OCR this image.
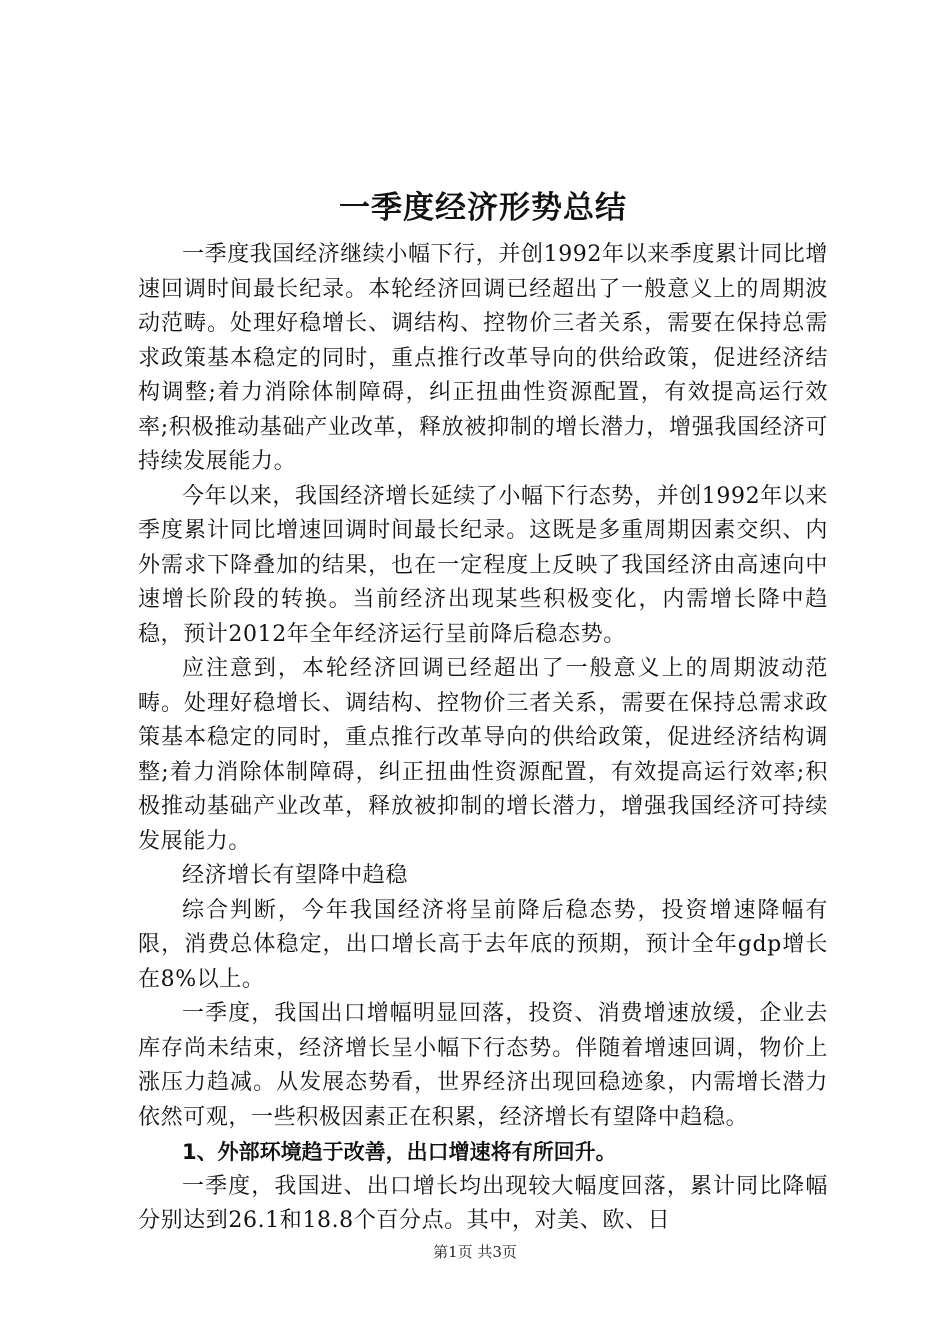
一季度经济形势总结

一季度我国经济继续小幅下行，并创1992年以来季度累计同比增速回调时间最长纪录。本轮经济回调已经超出了一般意义上的周期波动范畴。处理好稳增长、调结构、控物价三者关系，需要在保持总需求政策基本稳定的同时，重点推行改革导向的供给政策，促进经济结构调整;着力消除体制障碍，纠正扭曲性资源配置，有效提高运行效率;积极推动基础产业改革，释放被抑制的增长潜力，增强我国经济可持续发展能力。

今年以来，我国经济增长延续了小幅下行态势，并创1992年以来季度累计同比增速回调时间最长纪录。这既是多重周期因素交织、内外需求下降叠加的结果，也在一定程度上反映了我国经济由高速向中速增长阶段的转换。当前经济出现某些积极变化，内需增长降中趋稳，预计2012年全年经济运行呈前降后稳态势。

应注意到，本轮经济回调已经超出了一般意义上的周期波动范畴。处理好稳增长、调结构、控物价三者关系，需要在保持总需求政策基本稳定的同时，重点推行改革导向的供给政策，促进经济结构调整;着力消除体制障碍，纠正扭曲性资源配置，有效提高运行效率;积极推动基础产业改革，释放被抑制的增长潜力，增强我国经济可持续发展能力。

经济增长有望降中趋稳

综合判断，今年我国经济将呈前降后稳态势，投资增速降幅有限，消费总体稳定，出口增长高于去年底的预期，预计全年gdp增长在8%以上。

一季度，我国出口增幅明显回落，投资、消费增速放缓，企业去库存尚未结束，经济增长呈小幅下行态势。伴随着增速回调，物价上涨压力趋减。从发展态势看，世界经济出现回稳迹象，内需增长潜力依然可观，一些积极因素正在积累，经济增长有望降中趋稳。

1、外部环境趋于改善，出口增速将有所回升。

一季度，我国进、出口增长均出现较大幅度回落，累计同比降幅分别达到26.1和18.8个百分点。其中，对美、欧、日

第1页 共3页
